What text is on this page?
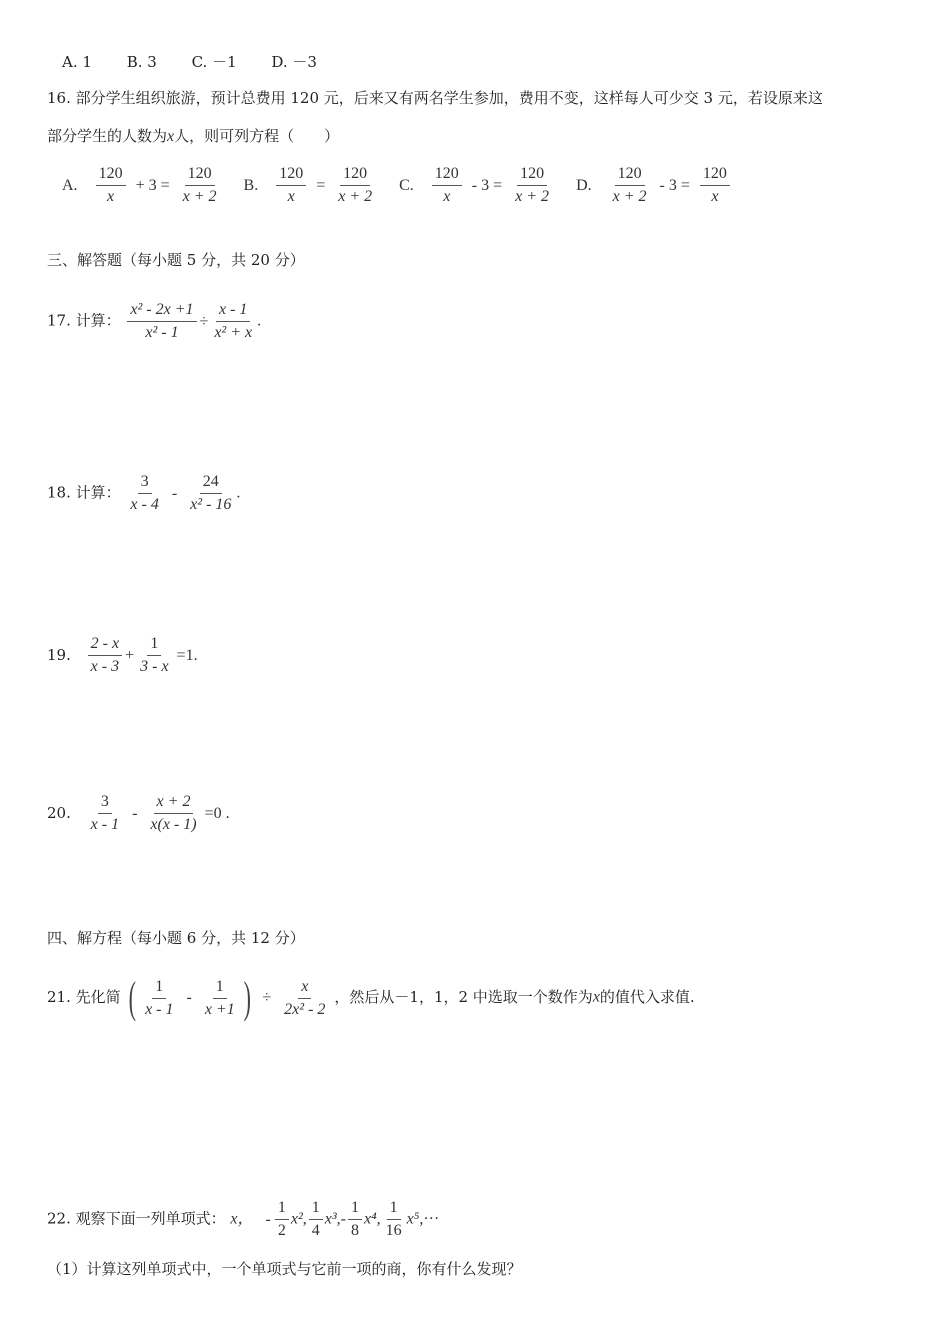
A. 1 B. 3 C. －1 D. －3
16. 部分学生组织旅游，预计总费用 120 元，后来又有两名学生参加，费用不变，这样每人可少交 3 元，若设原来这
部分学生的人数为x人，则可列方程（　　）
A. $\frac{120}{x} + 3 = \frac{120}{x + 2} B$. $\frac{120}{x} = \frac{120}{x + 2} C$. $\frac{120}{x} - 3 = \frac{120}{x + 2} D$. $\frac{120}{x + 2} - 3 = \frac{120}{x}$
三、解答题（每小题 5 分，共 20 分）
17. 计算： $\frac{\text{x² - 2x +1}}{\text{x² - 1}} \div \frac{x - 1}{\text{x² + x}}$ .
18. 计算： $\frac{3}{x - 4} - \frac{24}{\text{x² - 16}}$ .
19. $\frac{2 - x}{x - 3} + \frac{1}{3 - x} =1$.
20. $\frac{3}{x - 1} - \frac{x + 2}{x(x - 1)} =0$ .
四、解方程（每小题 6 分，共 12 分）
21. 先化简 ( $\frac{1}{x - 1} - \frac{1}{x +1}$ ) ÷ $\frac{x}{\text{2x² - 2}}$ ，然后从－1，1，2 中选取一个数作为x的值代入求值.
22. 观察下面一列单项式： x， - $\frac{1}{2} x^2$, $\frac{1}{4} x^3,- \frac{1}{8} x^4$, $\frac{1}{16} x^5,\cdot\cdot\cdot$
（1）计算这列单项式中，一个单项式与它前一项的商，你有什么发现？
